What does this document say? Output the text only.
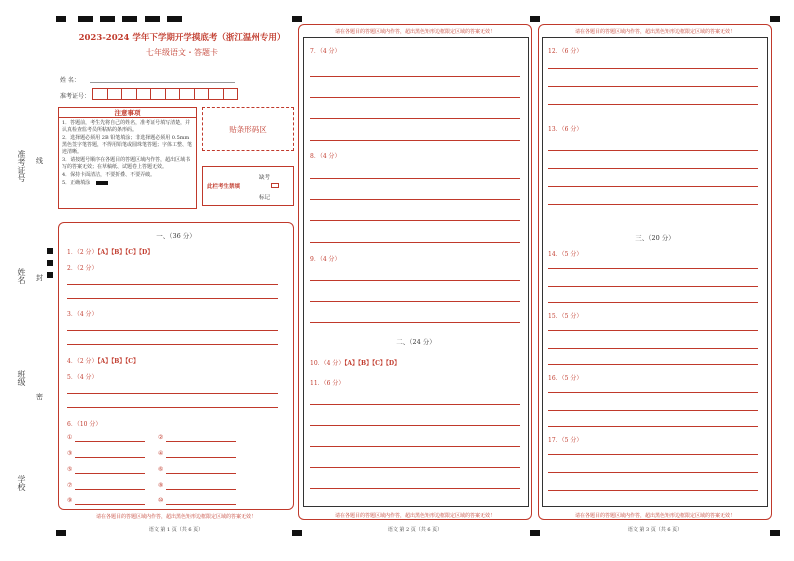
准考证号 线
姓名 封
班级
密
学校
2023-2024 学年下学期开学摸底考（浙江温州专用）
七年级语文・答题卡
姓 名：
准考证号：
注意事项
1．答题前，考生先将自己的姓名，准考证号填写清楚，并认真检查监考员所粘贴的条形码。
2．选择题必须用 2B 铅笔填涂；非选择题必须用 0.5mm 黑色签字笔答题，不得用铅笔或圆珠笔答题；字体工整、笔迹清晰。
3．请按题号顺序在各题目的答题区域内作答，超出区域书写的答案无效；在草稿纸、试题卷上答题无效。
4．保持卡面清洁，不要折叠、不要弄破。
5．正确填涂
贴条形码区
此栏考生禁填
缺考
标记
一、（36 分）
1．（2 分）【A】【B】【C】【D】
2．（2 分）
3．（4 分）
4．（2 分）【A】【B】【C】
5．（4 分）
6．（10 分）
①	②
③	④
⑤	⑥
⑦	⑧
⑨	⑩
请在各题目的答题区域内作答，超出黑色矩形边框限定区域的答案无效！
语文 第 1 页（共 6 页）
请在各题目的答题区域内作答，超出黑色矩形边框限定区域的答案无效！
7．（4 分）
8．（4 分）
9．（4 分）
二、（24 分）
10．（4 分）【A】【B】【C】【D】
11．（6 分）
请在各题目的答题区域内作答，超出黑色矩形边框限定区域的答案无效！
语文 第 2 页（共 6 页）
请在各题目的答题区域内作答，超出黑色矩形边框限定区域的答案无效！
12．（6 分）
13．（6 分）
三、（20 分）
14．（5 分）
15．（5 分）
16．（5 分）
17．（5 分）
请在各题目的答题区域内作答，超出黑色矩形边框限定区域的答案无效！
语文 第 3 页（共 6 页）
